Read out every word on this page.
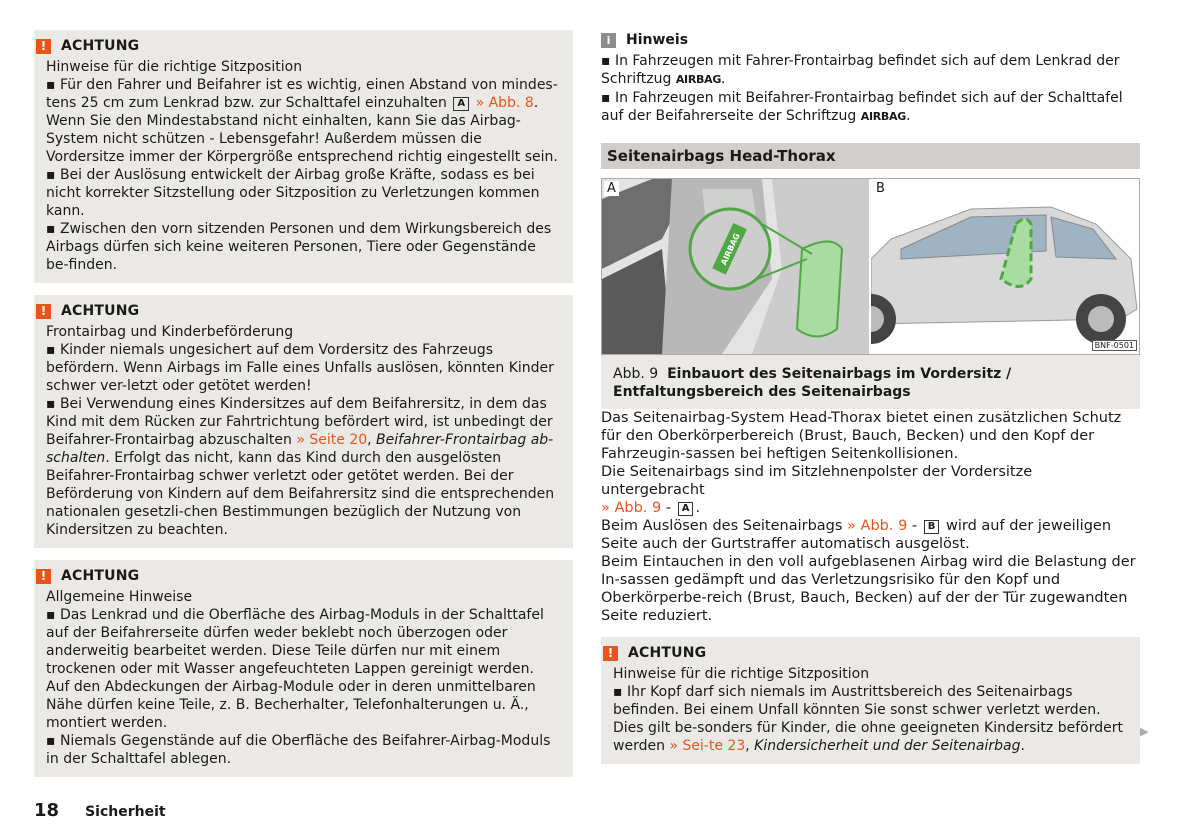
!	ACHTUNG

Hinweise für die richtige Sitzposition

▪ Für den Fahrer und Beifahrer ist es wichtig, einen Abstand von mindes-tens 25 cm zum Lenkrad bzw. zur Schalttafel einzuhalten A » Abb. 8. Wenn Sie den Mindestabstand nicht einhalten, kann Sie das Airbag-System nicht schützen - Lebensgefahr! Außerdem müssen die Vordersitze immer der Körpergröße entsprechend richtig eingestellt sein.

▪ Bei der Auslösung entwickelt der Airbag große Kräfte, sodass es bei nicht korrekter Sitzstellung oder Sitzposition zu Verletzungen kommen kann.

▪ Zwischen den vorn sitzenden Personen und dem Wirkungsbereich des Airbags dürfen sich keine weiteren Personen, Tiere oder Gegenstände be-finden.

!	ACHTUNG

Frontairbag und Kinderbeförderung

▪ Kinder niemals ungesichert auf dem Vordersitz des Fahrzeugs befördern. Wenn Airbags im Falle eines Unfalls auslösen, könnten Kinder schwer ver-letzt oder getötet werden!

▪ Bei Verwendung eines Kindersitzes auf dem Beifahrersitz, in dem das Kind mit dem Rücken zur Fahrtrichtung befördert wird, ist unbedingt der Beifahrer-Frontairbag abzuschalten » Seite 20, Beifahrer-Frontairbag ab-schalten. Erfolgt das nicht, kann das Kind durch den ausgelösten Beifahrer-Frontairbag schwer verletzt oder getötet werden. Bei der Beförderung von Kindern auf dem Beifahrersitz sind die entsprechenden nationalen gesetzli-chen Bestimmungen bezüglich der Nutzung von Kindersitzen zu beachten.

!	ACHTUNG

Allgemeine Hinweise

▪ Das Lenkrad und die Oberfläche des Airbag-Moduls in der Schalttafel auf der Beifahrerseite dürfen weder beklebt noch überzogen oder anderweitig bearbeitet werden. Diese Teile dürfen nur mit einem trockenen oder mit Wasser angefeuchteten Lappen gereinigt werden. Auf den Abdeckungen der Airbag-Module oder in deren unmittelbaren Nähe dürfen keine Teile, z. B. Becherhalter, Telefonhalterungen u. Ä., montiert werden.

▪ Niemals Gegenstände auf die Oberfläche des Beifahrer-Airbag-Moduls in der Schalttafel ablegen.

i	Hinweis

▪ In Fahrzeugen mit Fahrer-Frontairbag befindet sich auf dem Lenkrad der Schriftzug AIRBAG.

▪ In Fahrzeugen mit Beifahrer-Frontairbag befindet sich auf der Schalttafel auf der Beifahrerseite der Schriftzug AIRBAG.

Seitenairbags Head-Thorax
AIRBAG
A	B
BNF-0501
Abb. 9 Einbauort des Seitenairbags im Vordersitz / Entfaltungsbereich des Seitenairbags

Das Seitenairbag-System Head-Thorax bietet einen zusätzlichen Schutz für den Oberkörperbereich (Brust, Bauch, Becken) und den Kopf der Fahrzeugin-sassen bei heftigen Seitenkollisionen.

Die Seitenairbags sind im Sitzlehnenpolster der Vordersitze untergebracht
» Abb. 9 - A .

Beim Auslösen des Seitenairbags » Abb. 9 - B wird auf der jeweiligen Seite auch der Gurtstraffer automatisch ausgelöst.

Beim Eintauchen in den voll aufgeblasenen Airbag wird die Belastung der In-sassen gedämpft und das Verletzungsrisiko für den Kopf und Oberkörperbe-reich (Brust, Bauch, Becken) auf der der Tür zugewandten Seite reduziert.

!	ACHTUNG

Hinweise für die richtige Sitzposition

▪ Ihr Kopf darf sich niemals im Austrittsbereich des Seitenairbags befinden. Bei einem Unfall könnten Sie sonst schwer verletzt werden. Dies gilt be-sonders für Kinder, die ohne geeigneten Kindersitz befördert werden » Sei-te 23, Kindersicherheit und der Seitenairbag.

▶
18 Sicherheit
